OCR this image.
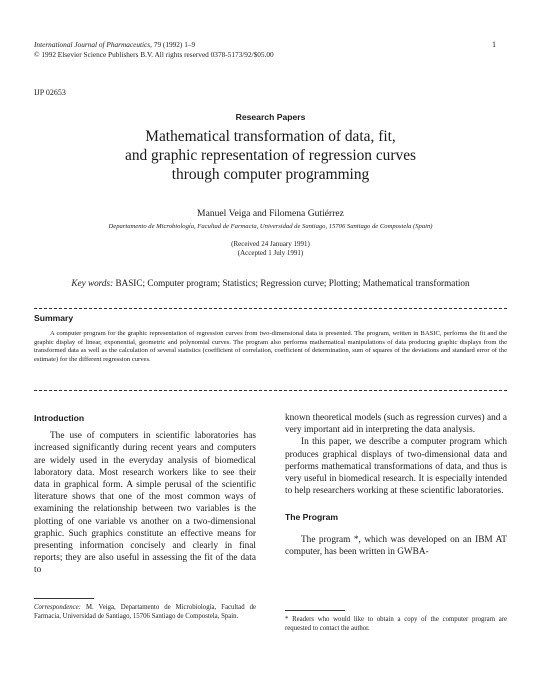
International Journal of Pharmaceutics, 79 (1992) 1–9
© 1992 Elsevier Science Publishers B.V. All rights reserved 0378-5173/92/$05.00
1
IJP 02653
Research Papers
Mathematical transformation of data, fit,
and graphic representation of regression curves
through computer programming
Manuel Veiga and Filomena Gutiérrez
Departamento de Microbiología, Facultad de Farmacia, Universidad de Santiago, 15706 Santiago de Compostela (Spain)
(Received 24 January 1991)
(Accepted 1 July 1991)
Key words: BASIC; Computer program; Statistics; Regression curve; Plotting; Mathematical transformation
Summary
A computer program for the graphic representation of regression curves from two-dimensional data is presented. The program, written in BASIC, performs the fit and the graphic display of linear, exponential, geometric and polynomial curves. The program also performs mathematical manipulations of data producing graphic displays from the transformed data as well as the calculation of several statistics (coefficient of correlation, coefficient of determination, sum of squares of the deviations and standard error of the estimate) for the different regression curves.
Introduction

The use of computers in scientific laboratories has increased significantly during recent years and computers are widely used in the everyday analysis of biomedical laboratory data. Most research workers like to see their data in graphical form. A simple perusal of the scientific literature shows that one of the most common ways of examining the relationship between two variables is the plotting of one variable vs another on a two-dimensional graphic. Such graphics constitute an effective means for presenting information concisely and clearly in final reports; they are also useful in assessing the fit of the data to

Correspondence: M. Veiga, Departamento de Microbiología, Facultad de Farmacia, Universidad de Santiago, 15706 Santiago de Compostela, Spain.

known theoretical models (such as regression curves) and a very important aid in interpreting the data analysis.

In this paper, we describe a computer program which produces graphical displays of two-dimensional data and performs mathematical transformations of data, and thus is very useful in biomedical research. It is especially intended to help researchers working at these scientific laboratories.

The Program

The program *, which was developed on an IBM AT computer, has been written in GWBA-

* Readers who would like to obtain a copy of the computer program are requested to contact the author.
